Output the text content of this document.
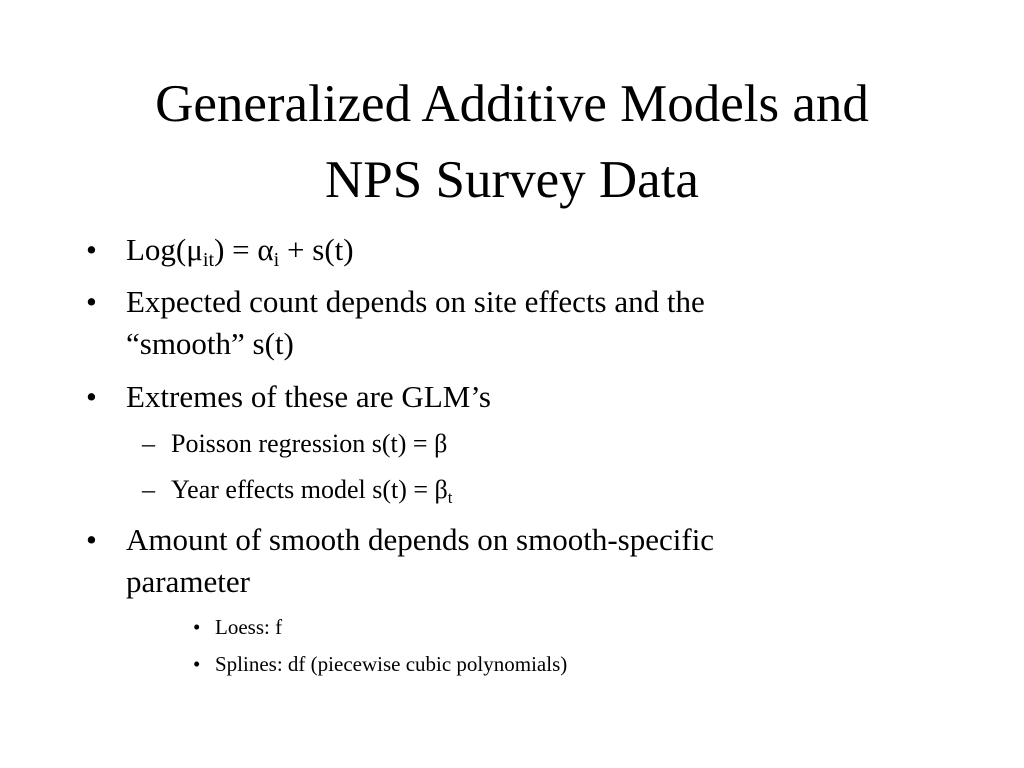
Generalized Additive Models and
NPS Survey Data
• $Log(\mu_{it}) = \alpha_i + s(t)$
• Expected count depends on site effects and the
“smooth” s(t)
• Extremes of these are GLM’s
– Poisson regression s(t) = β
– Year effects model $s(t) = \beta_t$
• Amount of smooth depends on smooth-specific
parameter
• Loess: f
• Splines: df (piecewise cubic polynomials)
